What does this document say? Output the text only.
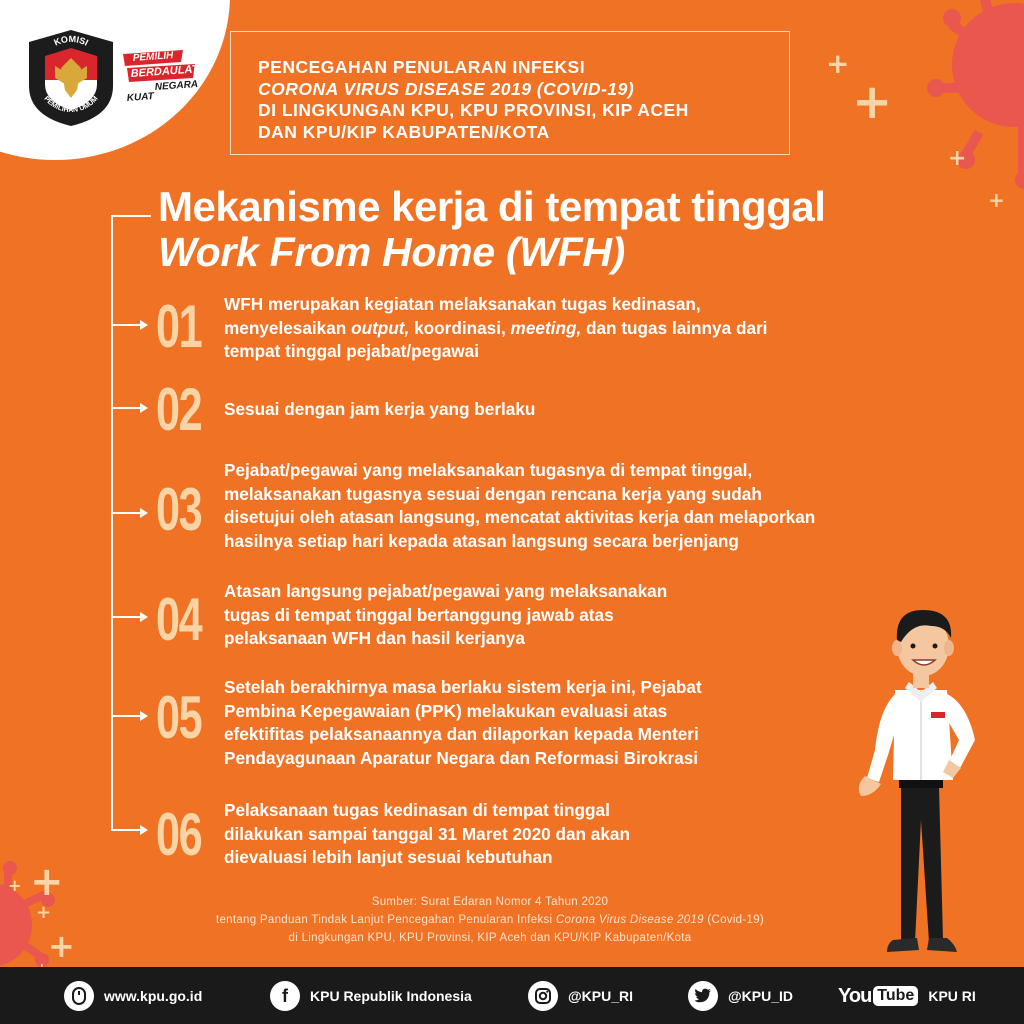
+
+
+
+
+
+
+
+
KOMISI
PEMILIHAN UMUM
PEMILIH
BERDAULAT
NEGARA
KUAT
PENCEGAHAN PENULARAN INFEKSI
CORONA VIRUS DISEASE 2019 (COVID-19)
DI LINGKUNGAN KPU, KPU PROVINSI, KIP ACEH
DAN KPU/KIP KABUPATEN/KOTA
Mekanisme kerja di tempat tinggal
Work From Home (WFH)
01 WFH merupakan kegiatan melaksanakan tugas kedinasan,
menyelesaikan output, koordinasi, meeting, dan tugas lainnya dari
tempat tinggal pejabat/pegawai
02 Sesuai dengan jam kerja yang berlaku
03
Pejabat/pegawai yang melaksanakan tugasnya di tempat tinggal,
melaksanakan tugasnya sesuai dengan rencana kerja yang sudah
disetujui oleh atasan langsung, mencatat aktivitas kerja dan melaporkan
hasilnya setiap hari kepada atasan langsung secara berjenjang
04 Atasan langsung pejabat/pegawai yang melaksanakan
tugas di tempat tinggal bertanggung jawab atas
pelaksanaan WFH dan hasil kerjanya
05 Setelah berakhirnya masa berlaku sistem kerja ini, Pejabat
Pembina Kepegawaian (PPK) melakukan evaluasi atas
efektifitas pelaksanaannya dan dilaporkan kepada Menteri
Pendayagunaan Aparatur Negara dan Reformasi Birokrasi
06 Pelaksanaan tugas kedinasan di tempat tinggal
dilakukan sampai tanggal 31 Maret 2020 dan akan
dievaluasi lebih lanjut sesuai kebutuhan
Sumber: Surat Edaran Nomor 4 Tahun 2020
tentang Panduan Tindak Lanjut Pencegahan Penularan Infeksi Corona Virus Disease 2019 (Covid-19)
di Lingkungan KPU, KPU Provinsi, KIP Aceh dan KPU/KIP Kabupaten/Kota
www.kpu.go.id	f	KPU Republik Indonesia	@KPU_RI	@KPU_ID You Tube KPU RI
